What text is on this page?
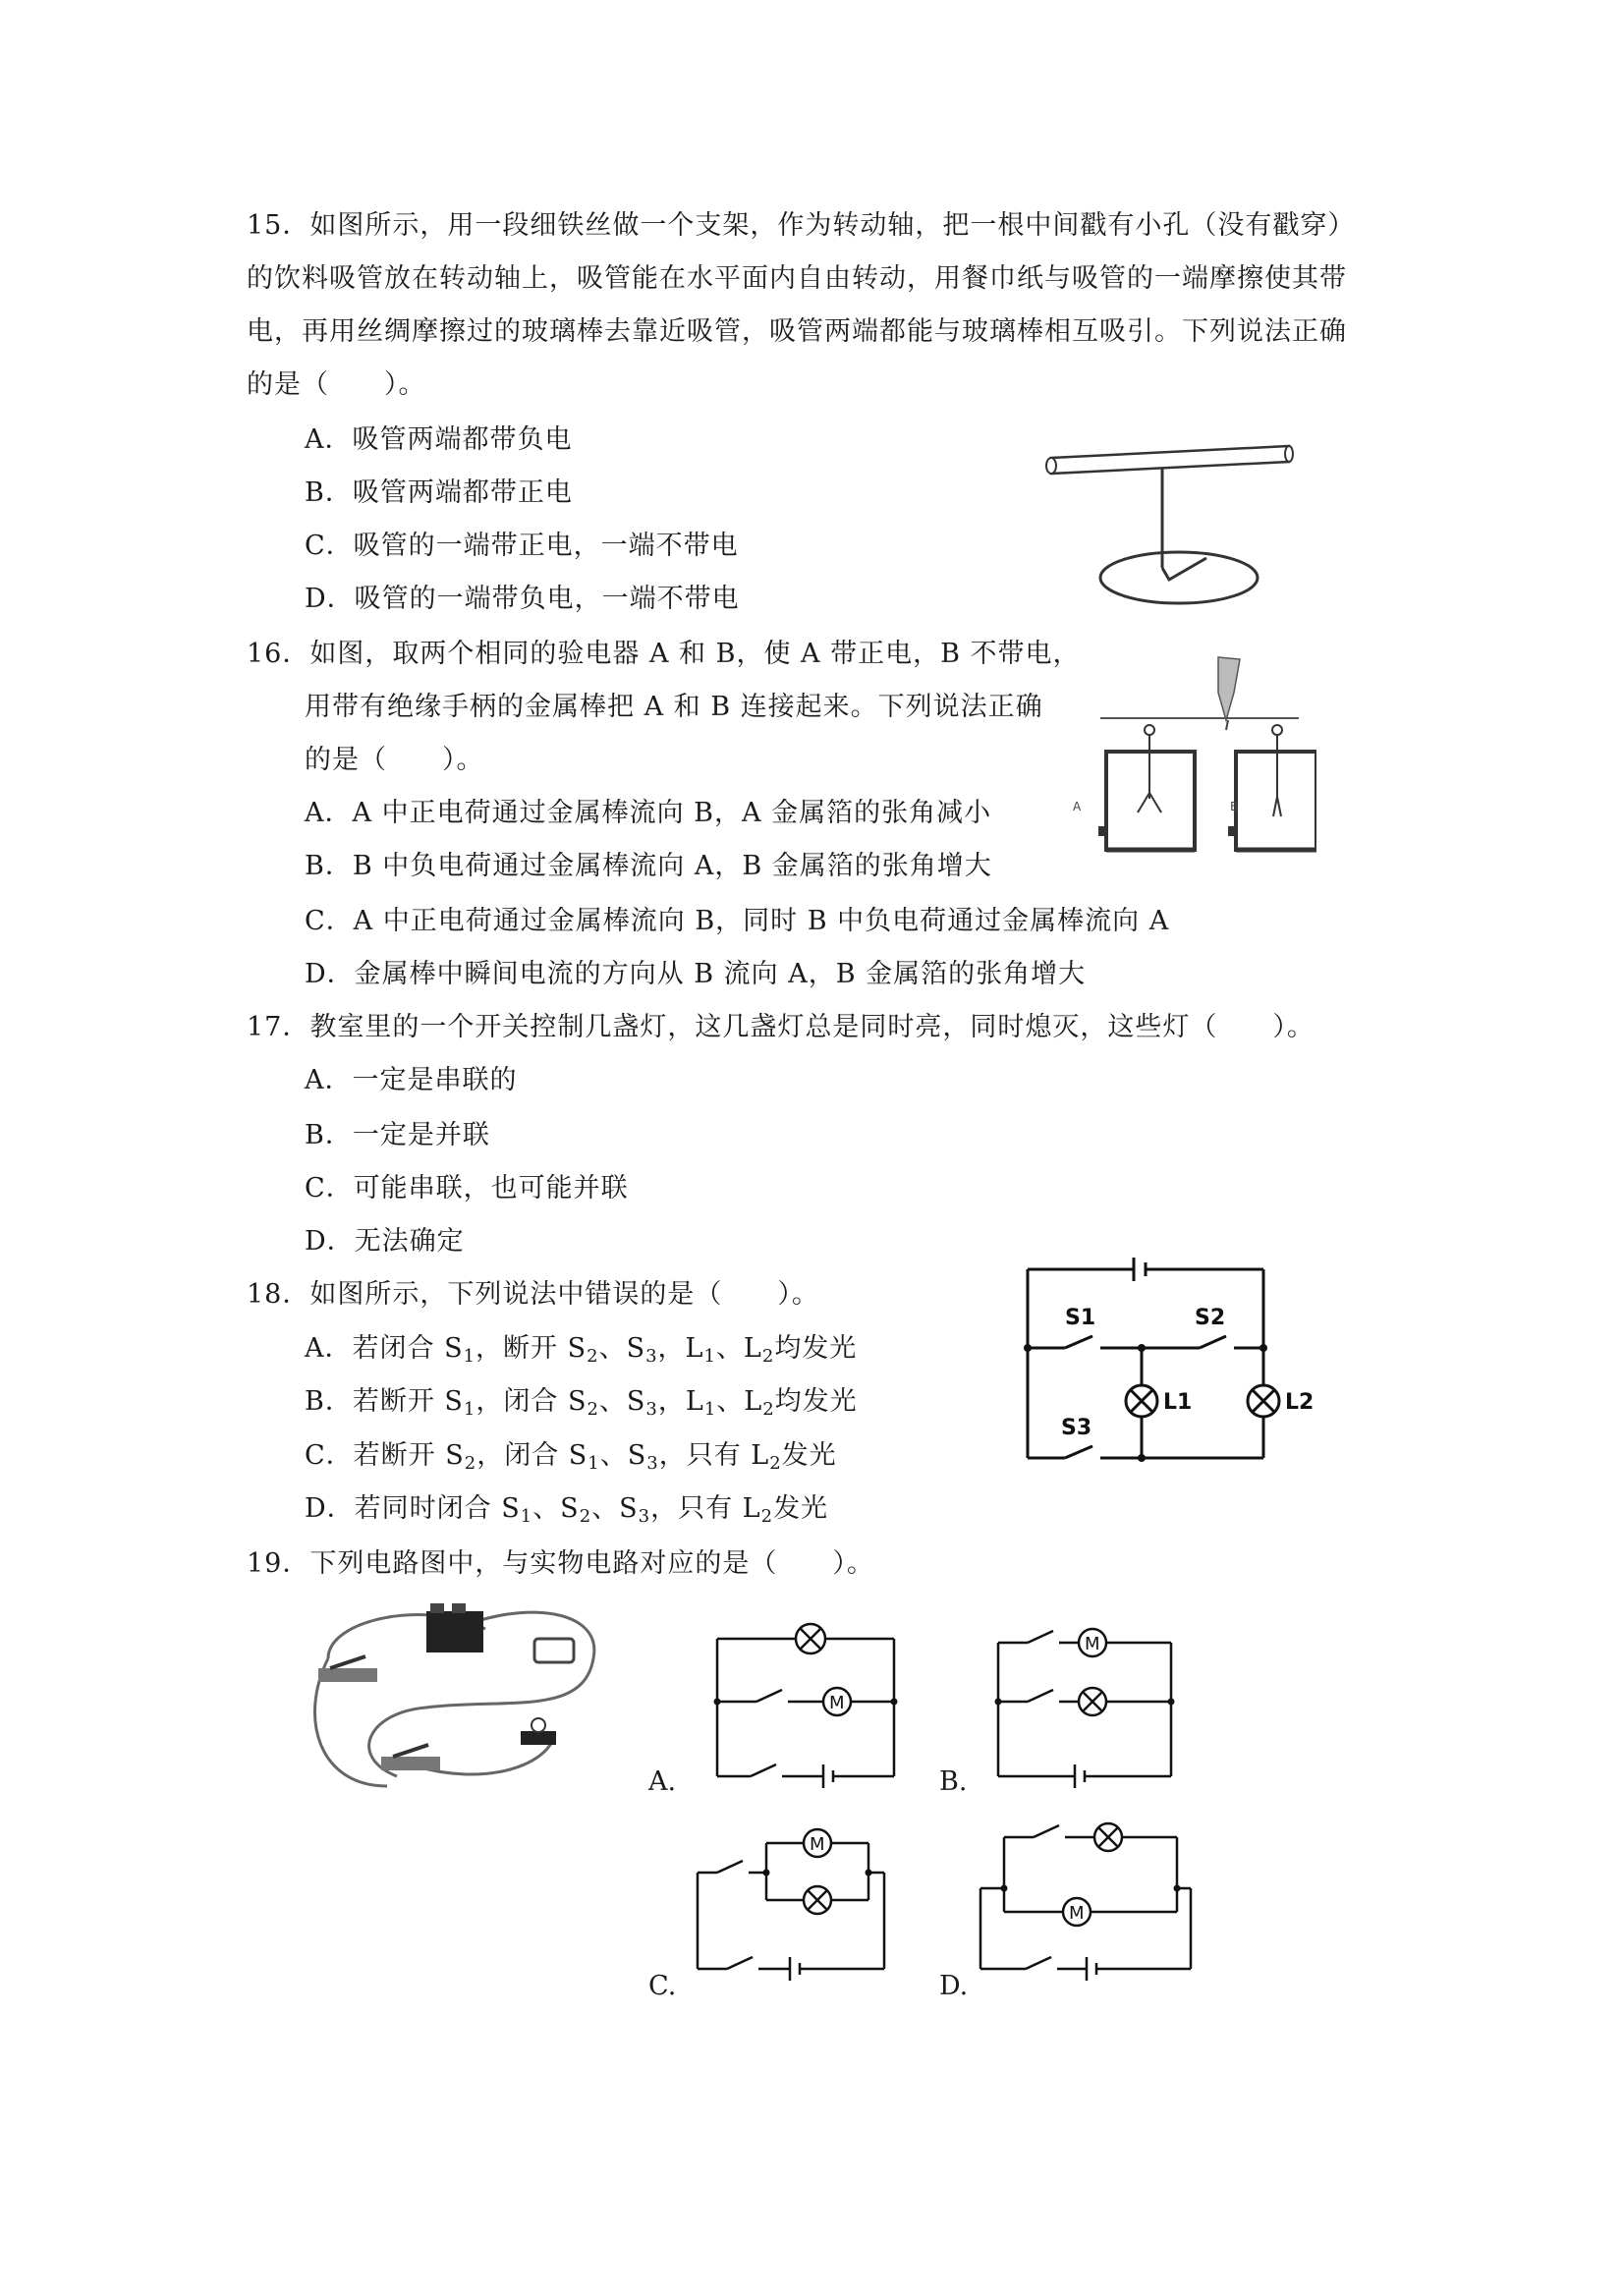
15．如图所示，用一段细铁丝做一个支架，作为转动轴，把一根中间戳有小孔（没有戳穿）
的饮料吸管放在转动轴上，吸管能在水平面内自由转动，用餐巾纸与吸管的一端摩擦使其带
电，再用丝绸摩擦过的玻璃棒去靠近吸管，吸管两端都能与玻璃棒相互吸引。下列说法正确
的是（　　）。
A．吸管两端都带负电
B．吸管两端都带正电
C．吸管的一端带正电，一端不带电
D．吸管的一端带负电，一端不带电
16．如图，取两个相同的验电器 A 和 B，使 A 带正电，B 不带电，
用带有绝缘手柄的金属棒把 A 和 B 连接起来。下列说法正确
的是（　　）。
A．A 中正电荷通过金属棒流向 B，A 金属箔的张角减小
B．B 中负电荷通过金属棒流向 A，B 金属箔的张角增大
C．A 中正电荷通过金属棒流向 B，同时 B 中负电荷通过金属棒流向 A
D．金属棒中瞬间电流的方向从 B 流向 A，B 金属箔的张角增大
A	B
17．教室里的一个开关控制几盏灯，这几盏灯总是同时亮，同时熄灭，这些灯（　　）。
A．一定是串联的
B．一定是并联
C．可能串联，也可能并联
D．无法确定
18．如图所示，下列说法中错误的是（　　）。
A．若闭合 $S_1$，断开 $S_2$、$S_3$，$L_1$、$L_2$均发光
B．若断开 $S_1$，闭合 $S_2$、$S_3$，$L_1$、$L_2$均发光
C．若断开 $S_2$，闭合 $S_1$、$S_3$，只有 $L_2$发光
D．若同时闭合 $S_1$、$S_2$、$S_3$，只有 $L_2$发光
S1	S2
S3
L1	L2
19．下列电路图中，与实物电路对应的是（　　）。
M
A.
M
B.
M
C.
M
D.
